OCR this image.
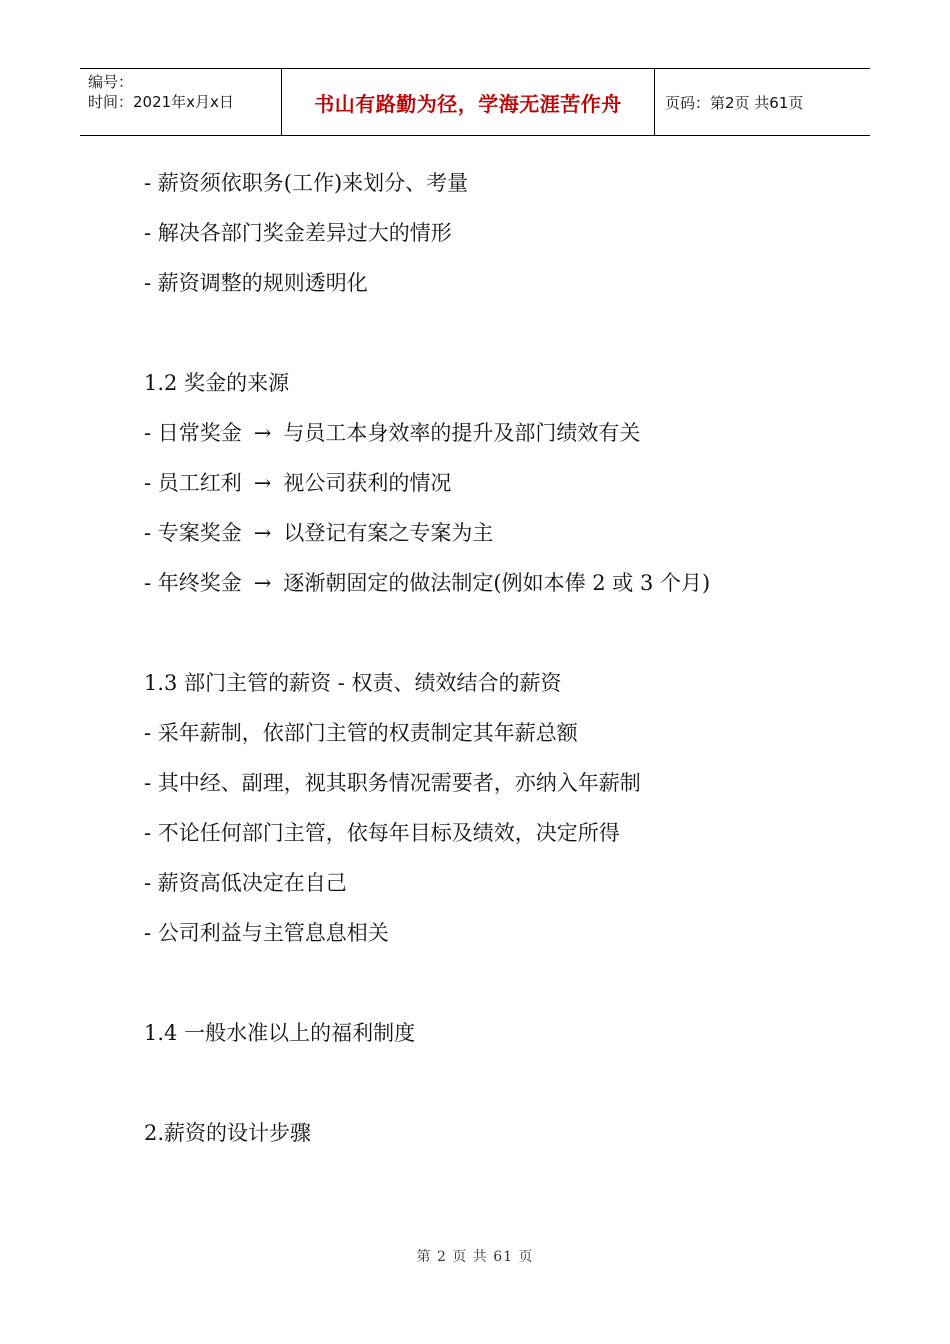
编号：
时间：2021年x月x日	书山有路勤为径，学海无涯苦作舟	页码：第2页 共61页
- 薪资须依职务(工作)来划分、考量
- 解决各部门奖金差异过大的情形
- 薪资调整的规则透明化
1.2 奖金的来源
- 日常奖金 → 与员工本身效率的提升及部门绩效有关
- 员工红利 → 视公司获利的情况
- 专案奖金 → 以登记有案之专案为主
- 年终奖金 → 逐渐朝固定的做法制定(例如本俸 2 或 3 个月)
1.3 部门主管的薪资 - 权责、绩效结合的薪资
- 采年薪制，依部门主管的权责制定其年薪总额
- 其中经、副理，视其职务情况需要者，亦纳入年薪制
- 不论任何部门主管，依每年目标及绩效，决定所得
- 薪资高低决定在自己
- 公司利益与主管息息相关
1.4 一般水准以上的福利制度
2.薪资的设计步骤
第 2 页 共 61 页
